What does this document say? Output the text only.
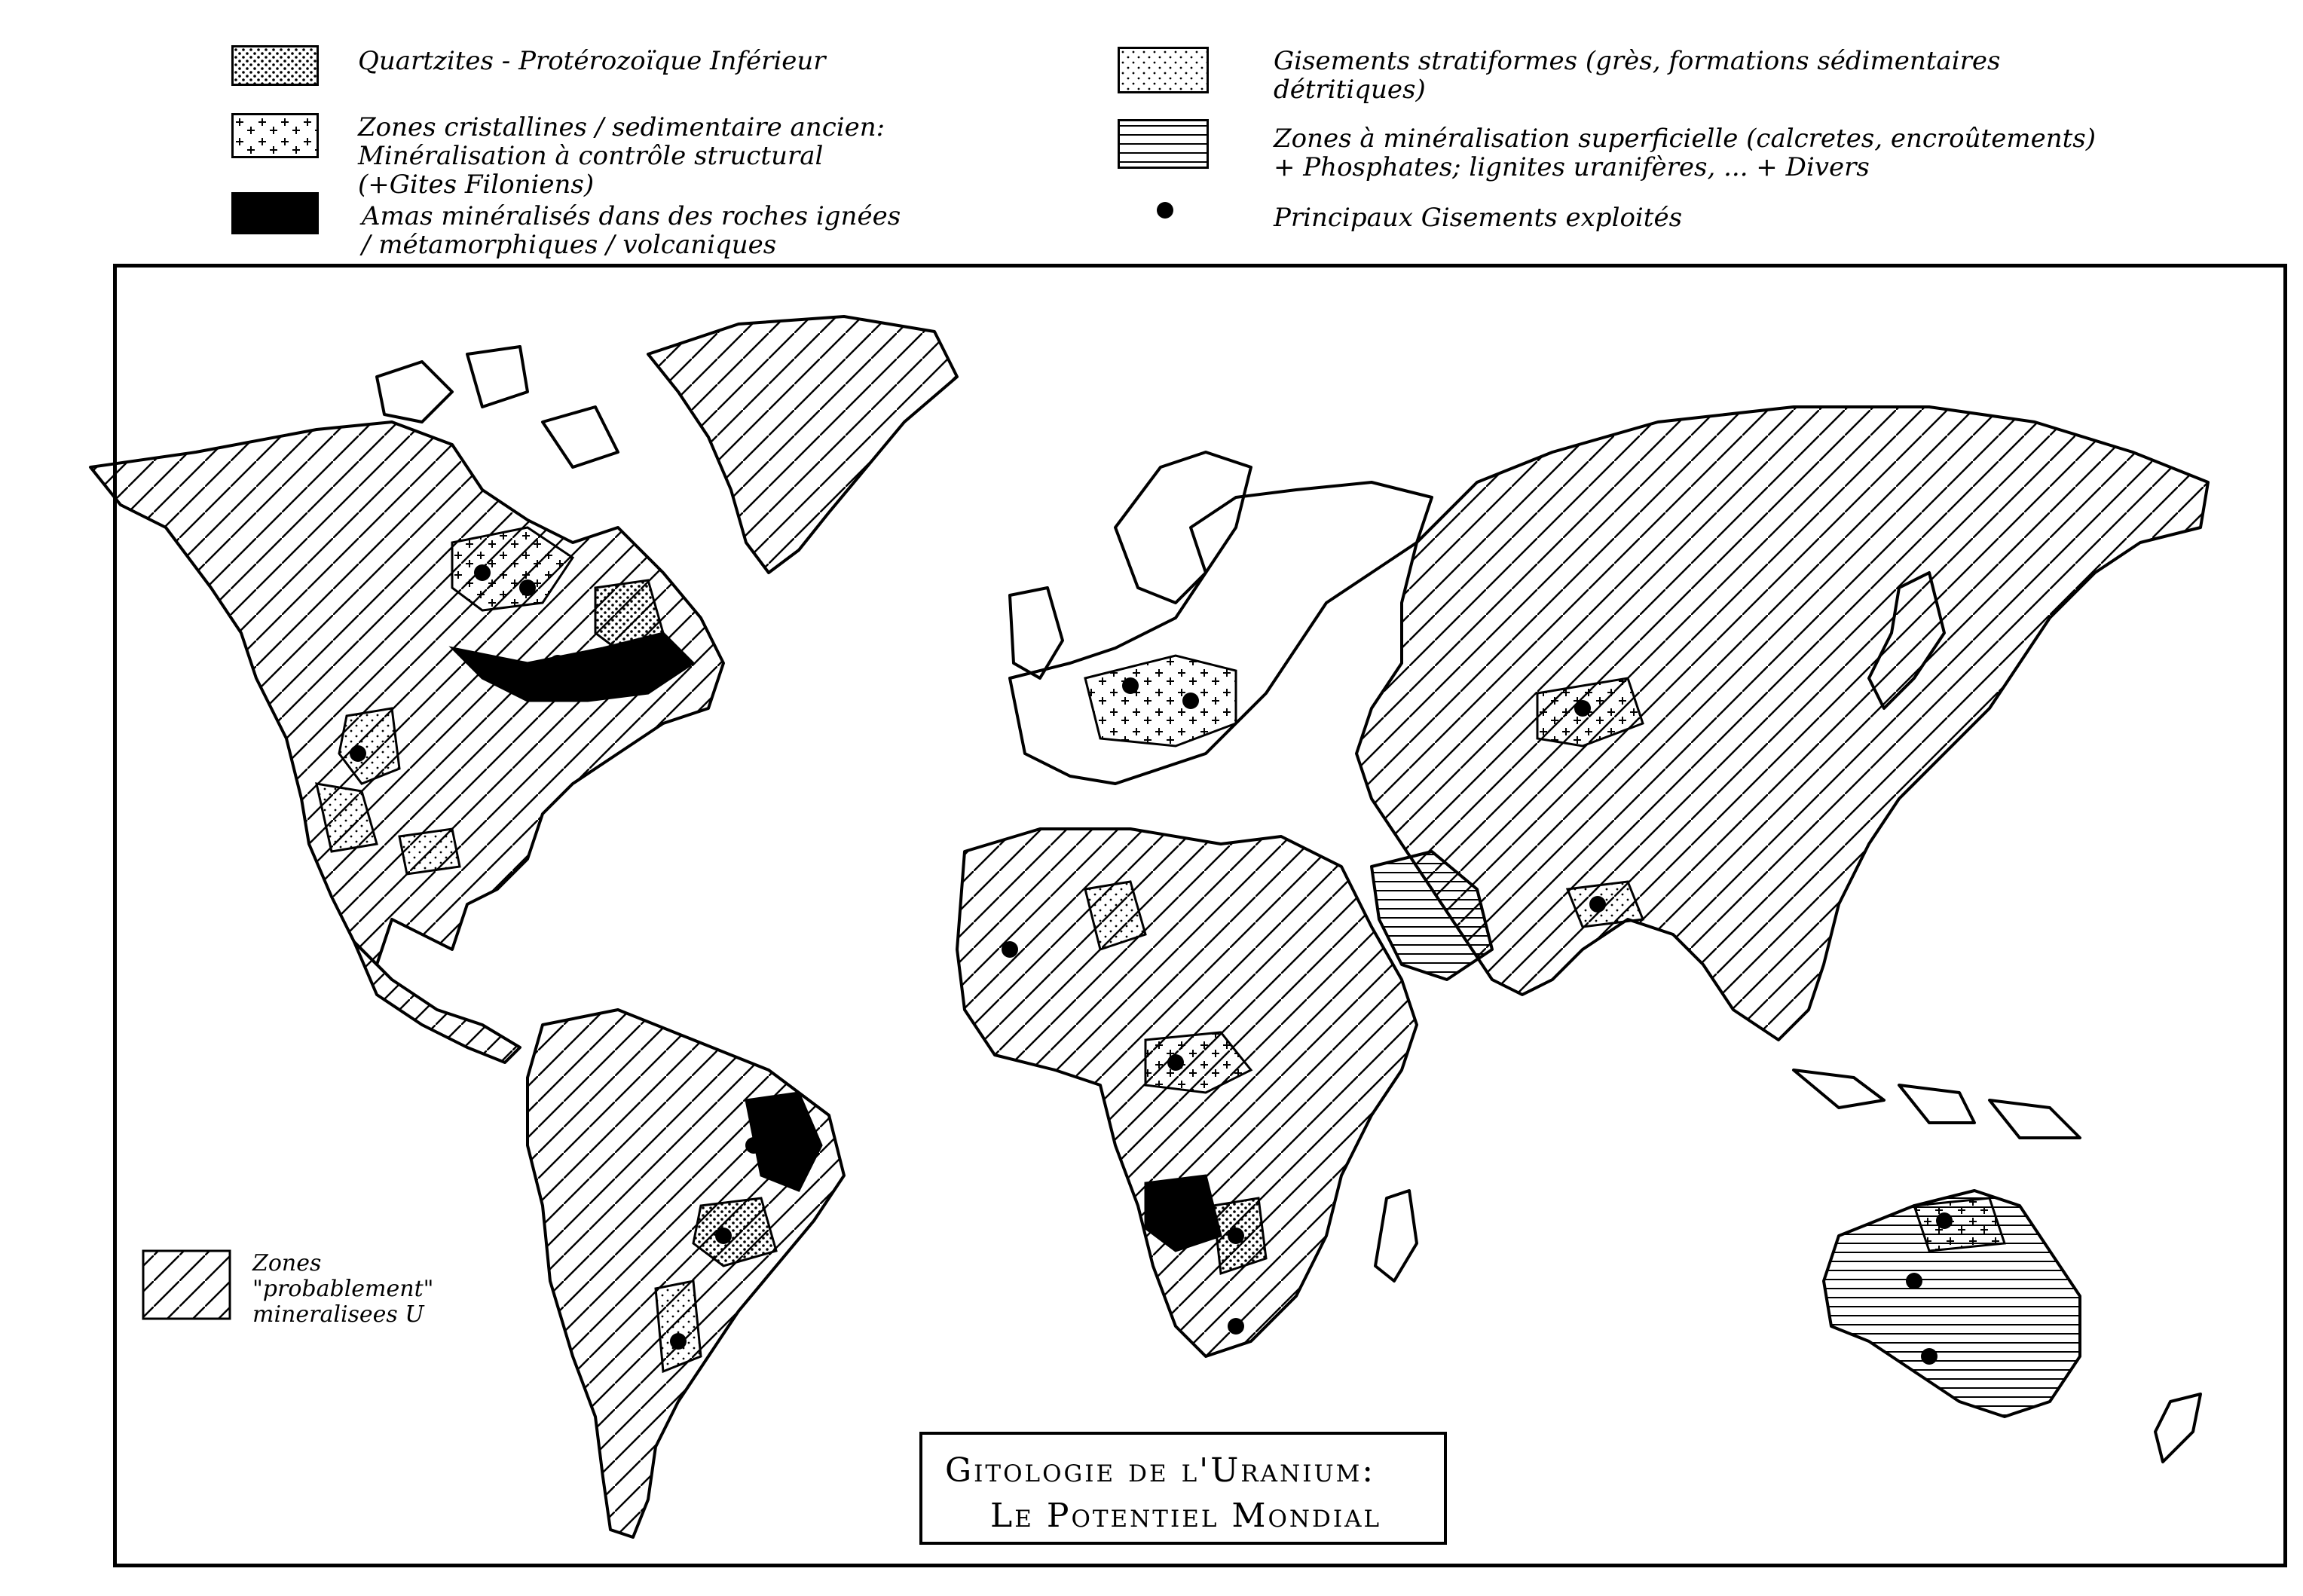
Quartzites - Protérozoïque Inférieur
Zones cristallines / sedimentaire ancien:
Minéralisation à contrôle structural
(+Gites Filoniens)
Amas minéralisés dans des roches ignées
/ métamorphiques / volcaniques
Gisements stratiformes (grès, formations sédimentaires
détritiques)
Zones à minéralisation superficielle (calcretes, encroûtements)
+ Phosphates; lignites uranifères, ... + Divers
Principaux Gisements exploités
Zones
"probablement"
mineralisees U
Gitologie de l'Uranium:
Le Potentiel Mondial
